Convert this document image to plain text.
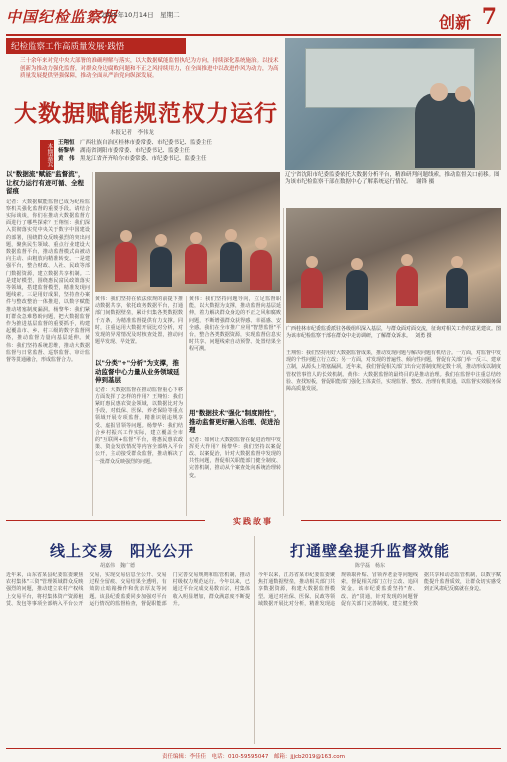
中国纪检监察报
2025年10月14日　星期二	创新 7
纪检监察工作高质量发展·践悟
三十余年来对党中央大部署的准确理解与落实，以大数据赋能监督执纪为方向，持续深化系统施治。以技术创新为推动力强化监督，对群众身边腐败问题和不正之风持续用力，在全面推进中以改进作风为动力，为高质量发展提供坚强保障，推动全面从严治党向纵深发展。
辽宁省沈阳市纪委监委依托大数据分析平台，精准研判问题线索，推动监督关口前移。图为该市纪检监察干部在数据中心了解系统运行情况。　 谢锋 摄
大数据赋能规范权力运行
本报记者　李伟龙
本期嘉宾 王翔恒　 广西壮族自治区桂林市委常委、市纪委书记、监委主任
杨黎华　 湖南省浏阳市委常委、市纪委书记、监委主任
黄　伟　 黑龙江省齐齐哈尔市委常委、市纪委书记、监委主任
以"数据流"赋能"监督流"，让权力运行有迹可循、全程留痕
记者：大数据赋能监督已成为纪检监察机关强化监督的重要手段。请结合实际谈谈，你们在推动大数据监督方面进行了哪些探索？王翔恒：我们深入贯彻落实党中央关于数字中国建设的部署，围绕群众反映强烈的突出问题，聚焦民生领域、重点行业建设大数据监督平台，推动监督模式由被动向主动、由粗放向精准转变。一是建强平台，整合财政、人社、民政等部门数据资源，建立数据共享机制。二是建好模型，围绕惠民富民政策落实等领域，搭建监督模型，精准发现问题线索。三是用好成果，坚持查办案件与整改整治一体推进，以数字赋能推动堵塞制度漏洞。杨黎华：我们紧盯群众急难愁盼问题，把大数据监督作为推进基层监督的重要抓手，构建起覆盖市、乡、村三级的数字监督网络，推动监督力量向基层延伸。黄伟：我们坚持系统思维，推动大数据监督与日常监督、巡察监督、审计监督等贯通融合，形成监督合力。
黄伟：我们坚持在依法依规的前提下推动数据共享，依托政务数据平台，打通部门间数据壁垒，累计归集各类数据数千万条，为精准监督提供有力支撑。同时，注重运用大数据开展比对分析，对发现的异常情况及时核查处置，推动问题早发现、早处置。
以"分类"+"分析"为支撑，推动监督中心力量从业务领域延伸到基层
记者：大数据监督在推动监督重心下移方面发挥了怎样的作用？王翔恒：我们紧盯惠民惠农资金领域，以数据比对为手段，对低保、医保、养老保险等重点领域开展专项监督，精准识别违规享受、虚报冒领等问题。杨黎华：我们结合乡村振兴工作实际，建立覆盖全市的"互联网+监督"平台，将惠民惠农政策、资金发放情况等内容全部纳入平台公开，主动接受群众监督，推动解决了一批群众反映强烈的问题。
黄伟：我们坚持问题导向，立足监督职能，以大数据为支撑，推动监督向基层延伸，着力解决群众身边的不正之风和腐败问题，不断增强群众获得感、幸福感、安全感。我们在全市推广应用"智慧监督"平台，整合各类数据资源，实现监督信息实时共享、问题线索自动预警、处置结果全程可溯。
用"数据技术"强化"制度刚性"，推动监督更好融入治理、促进治理
记者：如何让大数据监督在促进治理中发挥更大作用？杨黎华：我们坚持以案促改、以案促治，针对大数据监督中发现的共性问题，督促相关职能部门健全制度、完善机制，推动从个案查处向系统治理转变。
广西桂林市纪委监委派驻各级组织深入基层，与群众面对面交流，征询对相关工作的意见建议。图为该市纪检监察干部在群众中走访调研，了解群众诉求。　 刘勇 摄
王翔恒：我们坚持用好大数据监督成果，推动发现问题与解决问题有机结合。一方面，对监督中发现的个性问题立行立改；另一方面，对发现的普遍性、倾向性问题，督促有关部门举一反三、建章立制，从源头上堵塞漏洞。近年来，我们督促相关部门出台完善制度规定数十项，推动形成以制度管权管事管人的长效机制。黄伟：大数据监督的最终目的是推动治理。我们在监督中注重总结经验、查找短板，督促职能部门强化主体责任，实现监督、整改、治理有机贯通，以监督实效服务保障高质量发展。
实践故事
线上交易　阳光公开
胡嘉伟　魏广德
近年来，山东省某县纪委监委聚焦农村集体"三资"管理领域群众反映强烈的问题，推动建立农村产权线上交易平台，将村集体资产资源租赁、发包等事项全部纳入平台公开交易，实现交易信息全公开、交易过程全留痕、交易结果全透明，有效防止暗箱操作和优亲厚友等问题。该县纪委监委同步加强对平台运行情况的监督检查，督促职能部门完善交易规则和监管机制，推动村级权力规范运行。今年以来，已通过平台完成交易数百宗，村集体收入明显增加，群众满意度不断提升。
打通壁垒提升监督效能
陈学磊　杨东
今年以来，江苏省某市纪委监委聚焦打通数据壁垒，推动相关部门共享数据资源，构建大数据监督模型。通过对社保、医保、民政等领域数据开展比对分析，精准发现违规领取补贴、冒领养老金等问题线索，督促相关部门立行立改、追回资金。该市纪委监委坚持"查、改、治"贯通，针对发现的问题督促有关部门完善制度，建立健全数据共享和动态监管机制，以数字赋能提升监督质效，让群众切实感受到正风肃纪反腐就在身边。
责任编辑：李佳佳　电话：010-59595047　邮箱：jjjcb2019@163.com
